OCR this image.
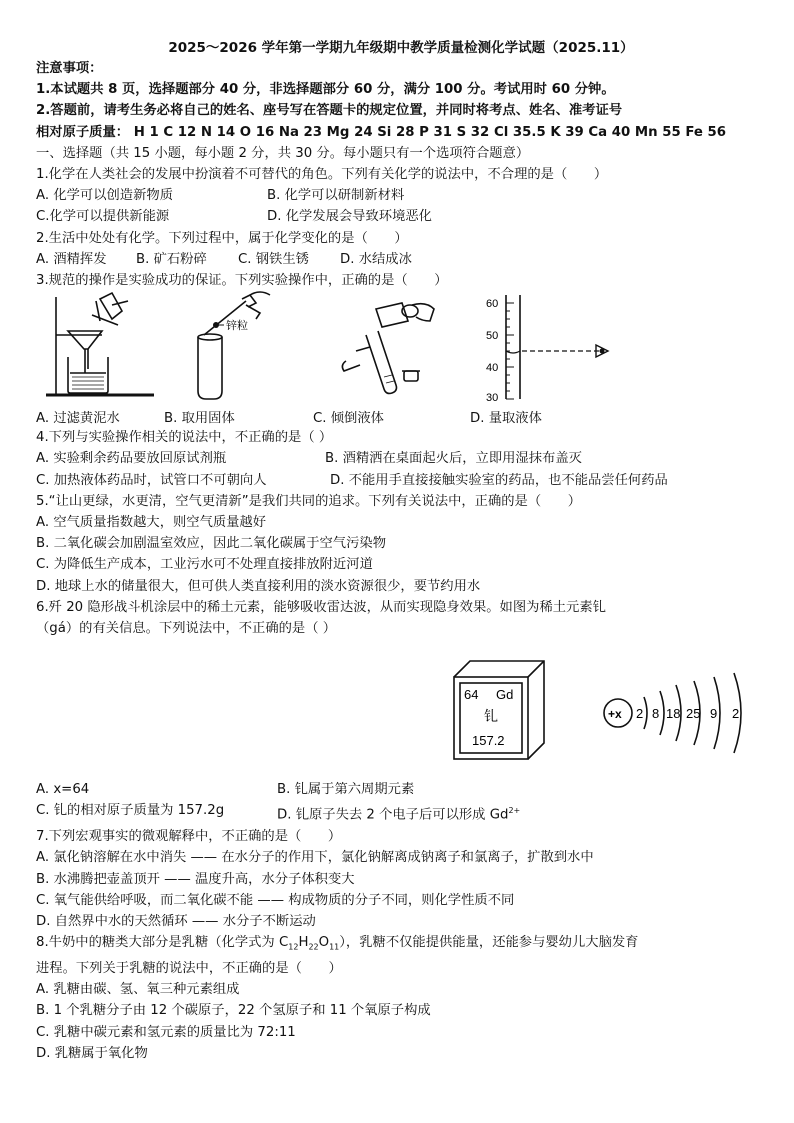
2025～2026 学年第一学期九年级期中教学质量检测化学试题（2025.11）
注意事项：
1.本试题共 8 页，选择题部分 40 分，非选择题部分 60 分，满分 100 分。考试用时 60 分钟。
2.答题前，请考生务必将自己的姓名、座号写在答题卡的规定位置，并同时将考点、姓名、准考证号
相对原子质量： H 1 C 12 N 14 O 16 Na 23 Mg 24 Si 28 P 31 S 32 Cl 35.5 K 39 Ca 40 Mn 55 Fe 56
一、选择题（共 15 小题，每小题 2 分，共 30 分。每小题只有一个选项符合题意）
1.化学在人类社会的发展中扮演着不可替代的角色。下列有关化学的说法中，不合理的是（　　）
A. 化学可以创造新物质	B. 化学可以研制新材料
C.化学可以提供新能源	D. 化学发展会导致环境恶化
2.生活中处处有化学。下列过程中，属于化学变化的是（　　）
A. 酒精挥发	B. 矿石粉碎	C. 钢铁生锈	D. 水结成冰
3.规范的操作是实验成功的保证。下列实验操作中，正确的是（　　）
锌粒
60
50
40
30
A. 过滤黄泥水	B. 取用固体	C. 倾倒液体	D. 量取液体
4.下列与实验操作相关的说法中，不正确的是（ ）
A. 实验剩余药品要放回原试剂瓶	B. 酒精洒在桌面起火后，立即用湿抹布盖灭
C. 加热液体药品时，试管口不可朝向人	D. 不能用手直接接触实验室的药品，也不能品尝任何药品
5.“让山更绿，水更清，空气更清新”是我们共同的追求。下列有关说法中，正确的是（　　）
A. 空气质量指数越大，则空气质量越好
B. 二氧化碳会加剧温室效应，因此二氧化碳属于空气污染物
C. 为降低生产成本，工业污水可不处理直接排放附近河道
D. 地球上水的储量很大，但可供人类直接利用的淡水资源很少，要节约用水
6.歼 20 隐形战斗机涂层中的稀土元素，能够吸收雷达波，从而实现隐身效果。如图为稀土元素钆
（gá）的有关信息。下列说法中，不正确的是（ ）
64 Gd
钆
157.2
+x 2 8 18 25 9 2
A. x=64	B. 钆属于第六周期元素
C. 钆的相对原子质量为 157.2g	D. 钆原子失去 2 个电子后可以形成 $Gd^{2+}$
7.下列宏观事实的微观解释中，不正确的是（　　）
A. 氯化钠溶解在水中消失 —— 在水分子的作用下，氯化钠解离成钠离子和氯离子，扩散到水中
B. 水沸腾把壶盖顶开 —— 温度升高，水分子体积变大
C. 氧气能供给呼吸，而二氧化碳不能 —— 构成物质的分子不同，则化学性质不同
D. 自然界中水的天然循环 —— 水分子不断运动
8.牛奶中的糖类大部分是乳糖（化学式为 $C_{12}H_{22}O_{11}$），乳糖不仅能提供能量，还能参与婴幼儿大脑发育
进程。下列关于乳糖的说法中，不正确的是（　　）
A. 乳糖由碳、氢、氧三种元素组成
B. 1 个乳糖分子由 12 个碳原子，22 个氢原子和 11 个氧原子构成
C. 乳糖中碳元素和氢元素的质量比为 72:11
D. 乳糖属于氧化物
